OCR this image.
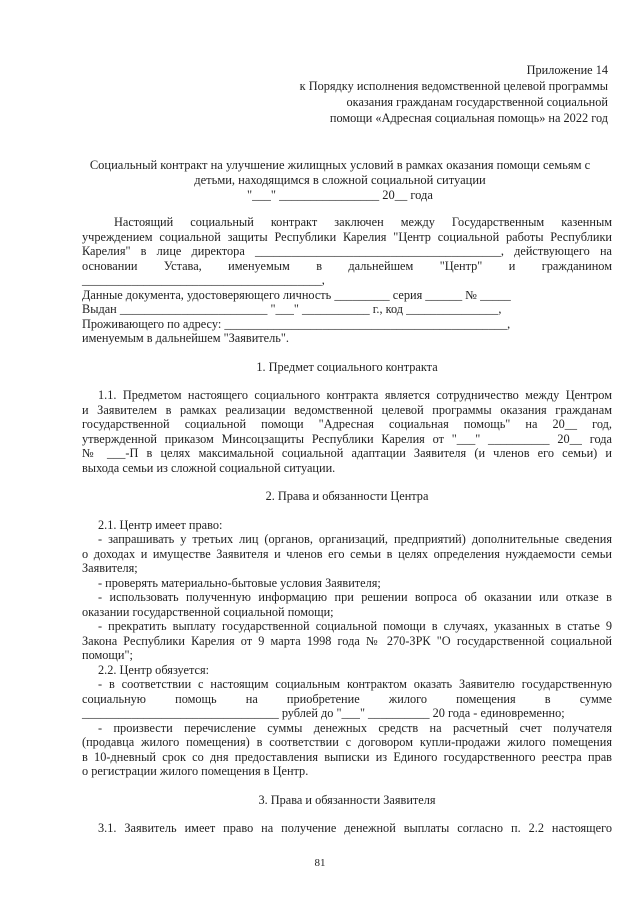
Приложение 14
к Порядку исполнения ведомственной целевой программы
оказания гражданам государственной социальной
помощи «Адресная социальная помощь» на 2022 год
Социальный контракт на улучшение жилищных условий в рамках оказания помощи семьям с
детьми, находящимся в сложной социальной ситуации
"___" ________________ 20__ года

Настоящий социальный контракт заключен между Государственным казенным

учреждением социальной защиты Республики Карелия "Центр социальной работы Республики

Карелия" в лице директора ________________________________________, действующего на

основании Устава, именуемым в дальнейшем "Центр" и гражданином

_______________________________________,

Данные документа, удостоверяющего личность _________ серия ______ № _____

Выдан ________________________ "___" ___________ г., код _______________,

Проживающего по адресу: ______________________________________________,

именуемым в дальнейшем "Заявитель".

1. Предмет социального контракта

1.1. Предметом настоящего социального контракта является сотрудничество между Центром

и Заявителем в рамках реализации ведомственной целевой программы оказания гражданам

государственной социальной помощи "Адресная социальная помощь" на 20__ год,

утвержденной приказом Минсоцзащиты Республики Карелия от "___" __________ 20__ года

№ ___-П в целях максимальной социальной адаптации Заявителя (и членов его семьи) и

выхода семьи из сложной социальной ситуации.

2. Права и обязанности Центра

2.1. Центр имеет право:

- запрашивать у третьих лиц (органов, организаций, предприятий) дополнительные сведения

о доходах и имуществе Заявителя и членов его семьи в целях определения нуждаемости семьи

Заявителя;

- проверять материально-бытовые условия Заявителя;

- использовать полученную информацию при решении вопроса об оказании или отказе в

оказании государственной социальной помощи;

- прекратить выплату государственной социальной помощи в случаях, указанных в статье 9

Закона Республики Карелия от 9 марта 1998 года № 270-ЗРК "О государственной социальной

помощи";

2.2. Центр обязуется:

- в соответствии с настоящим социальным контрактом оказать Заявителю государственную

социальную помощь на приобретение жилого помещения в сумме

________________________________ рублей до "___" __________ 20 года - единовременно;

- произвести перечисление суммы денежных средств на расчетный счет получателя

(продавца жилого помещения) в соответствии с договором купли-продажи жилого помещения

в 10-дневный срок со дня предоставления выписки из Единого государственного реестра прав

о регистрации жилого помещения в Центр.

3. Права и обязанности Заявителя

3.1. Заявитель имеет право на получение денежной выплаты согласно п. 2.2 настоящего

81
